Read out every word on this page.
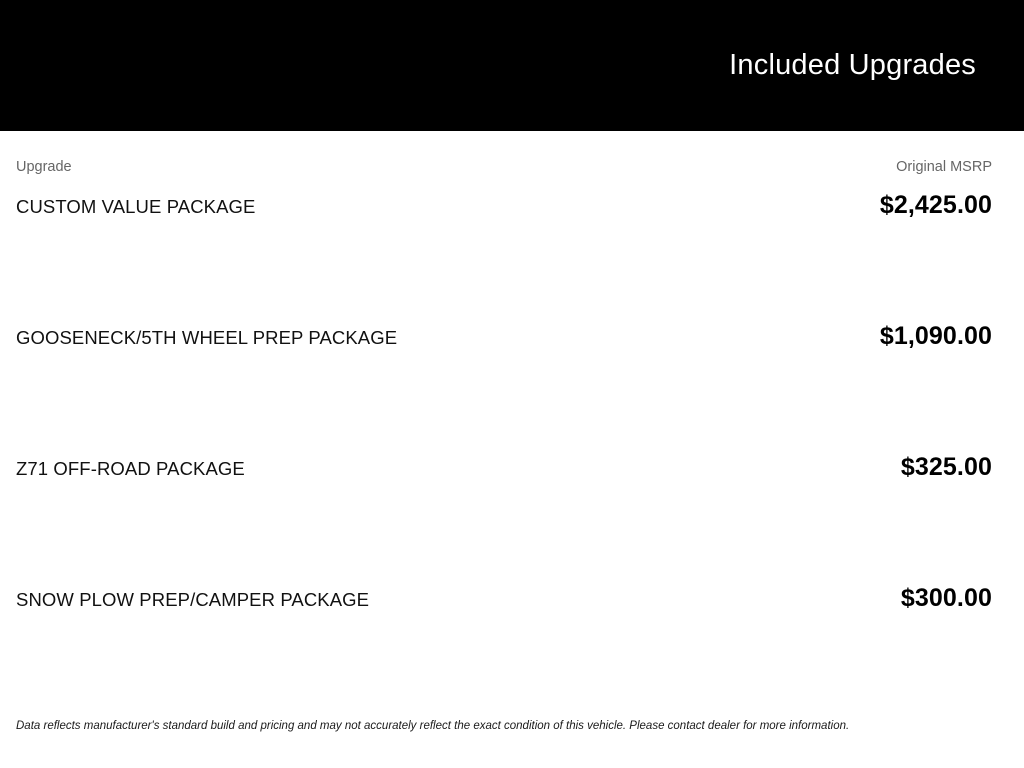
Included Upgrades
Upgrade	Original MSRP
CUSTOM VALUE PACKAGE	$2,425.00
GOOSENECK/5TH WHEEL PREP PACKAGE	$1,090.00
Z71 OFF-ROAD PACKAGE	$325.00
SNOW PLOW PREP/CAMPER PACKAGE	$300.00
Data reflects manufacturer's standard build and pricing and may not accurately reflect the exact condition of this vehicle. Please contact dealer for more information.
